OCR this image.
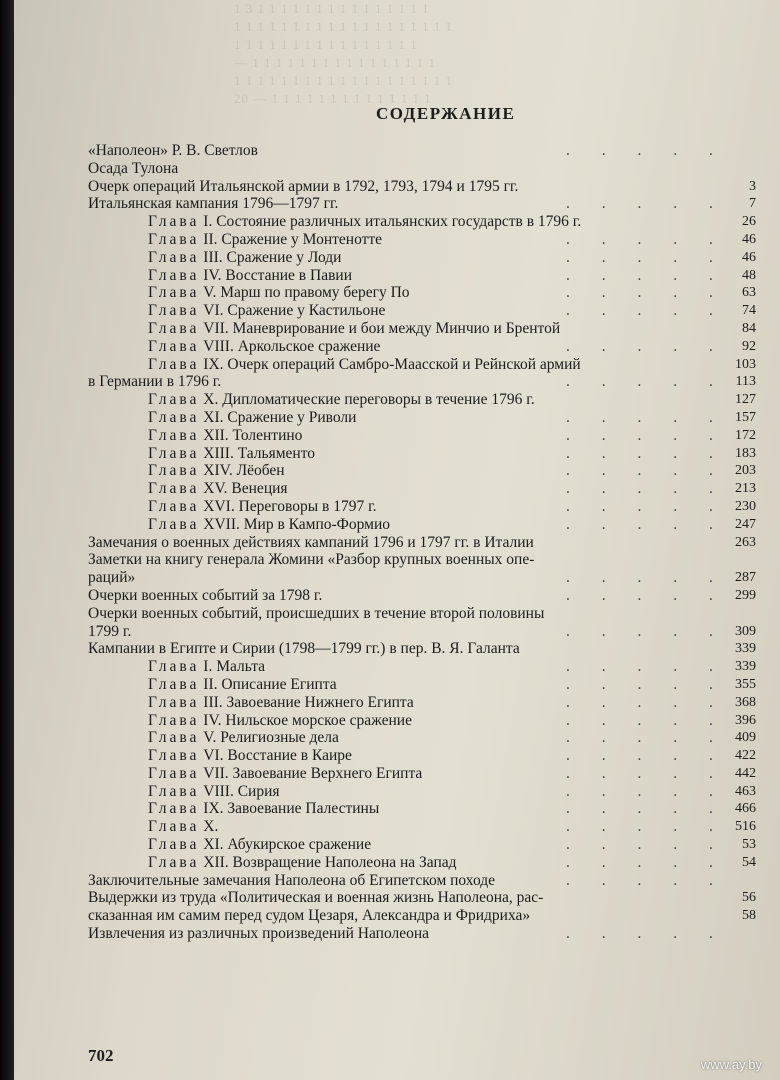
1 3 1 1 1 1 1 1 1 1 1 1 1 1 1 1 1
1 1 1 1 1 1 1 1 1 1 1 1 1 1 1 1 1 1 1
1 1 1 1 1 1 1 1 1 1 1 1 1 1 1 1
— 1 1 1 1 1 1 1 1 1 1 1 1 1 1 1 1
1 1 1 1 1 1 1 1 1 1 1 1 1 1 1 1 1 1 1
20 — 1 1 1 1 1 1 1 1 1 1 1 1 1 1
СОДЕРЖАНИЕ
«Наполеон» Р. В. Светлов	. . . . .
Осада Тулона
Очерк операций Итальянской армии в 1792, 1793, 1794 и 1795 гг.	3
Итальянская кампания 1796—1797 гг.	. . . . .	7
Глава I. Состояние различных итальянских государств в 1796 г.	26
Глава II. Сражение у Монтенотте	. . . . .	46
Глава III. Сражение у Лоди	. . . . .	46
Глава IV. Восстание в Павии	. . . . .	48
Глава V. Марш по правому берегу По	. . . . .	63
Глава VI. Сражение у Кастильоне	. . . . .	74
Глава VII. Маневрирование и бои между Минчио и Брентой	84
Глава VIII. Аркольское сражение	. . . . .	92
Глава IX. Очерк операций Самбро-Маасской и Рейнской армий	103
в Германии в 1796 г.	. . . . . 113
Глава X. Дипломатические переговоры в течение 1796 г.	127
Глава XI. Сражение у Риволи	. . . . . 157
Глава XII. Толентино	. . . . . 172
Глава XIII. Тальяменто	. . . . . 183
Глава XIV. Лёобен	. . . . . 203
Глава XV. Венеция	. . . . . 213
Глава XVI. Переговоры в 1797 г.	. . . . . 230
Глава XVII. Мир в Кампо-Формио	. . . . . 247
Замечания о военных действиях кампаний 1796 и 1797 гг. в Италии	263
Заметки на книгу генерала Жомини «Разбор крупных военных опе-
раций»	. . . . . 287
Очерки военных событий за 1798 г.	. . . . . 299
Очерки военных событий, происшедших в течение второй половины
1799 г.	. . . . . 309
Кампании в Египте и Сирии (1798—1799 гг.) в пер. В. Я. Галанта	339
Глава I. Мальта	. . . . . 339
Глава II. Описание Египта	. . . . . 355
Глава III. Завоевание Нижнего Египта	. . . . . 368
Глава IV. Нильское морское сражение	. . . . . 396
Глава V. Религиозные дела	. . . . . 409
Глава VI. Восстание в Каире	. . . . . 422
Глава VII. Завоевание Верхнего Египта	. . . . . 442
Глава VIII. Сирия	. . . . . 463
Глава IX. Завоевание Палестины	. . . . . 466
Глава X.	. . . . . 516
Глава XI. Абукирское сражение	. . . . .	53
Глава XII. Возвращение Наполеона на Запад	. . . . .	54
Заключительные замечания Наполеона об Египетском походе	. . . . .
Выдержки из труда «Политическая и военная жизнь Наполеона, рас-	56
сказанная им самим перед судом Цезаря, Александра и Фридриха»	58
Извлечения из различных произведений Наполеона	. . . . .
702	www.ay.by
